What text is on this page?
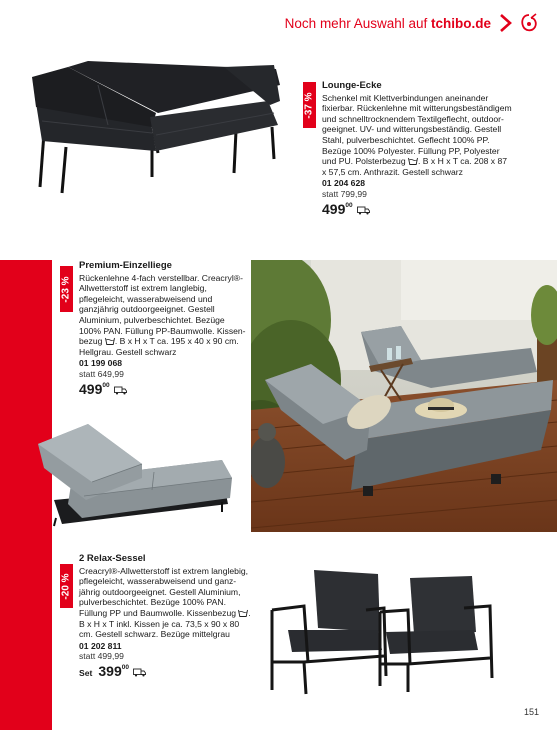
Noch mehr Auswahl auf tchibo.de
-37 %
Lounge-Ecke

Schenkel mit Klettverbindungen aneinander fixierbar. Rückenlehne mit witterungsbeständigem und schnelltrocknendem Textilgeflecht, outdoor-geeignet. UV- und witterungsbeständig. Gestell Stahl, pulverbeschichtet. Geflecht 100% PP. Bezüge 100% Polyester. Füllung PP, Polyester und PU. Polsterbezug . B x H x T ca. 208 x 87 x 57,5 cm. Anthrazit. Gestell schwarz

01 204 628
statt 799,99
499 00
-23 %
Premium-Einzelliege

Rückenlehne 4-fach verstellbar. Creacryl®-Allwetterstoff ist extrem langlebig, pflegeleicht, wasserabweisend und ganzjährig outdoorgeeignet. Gestell Aluminium, pulverbeschichtet. Bezüge 100% PAN. Füllung PP-Baumwolle. Kissen-bezug . B x H x T ca. 195 x 40 x 90 cm. Hellgrau. Gestell schwarz

01 199 068
statt 649,99
499 00
-20 %
2 Relax-Sessel

Creacryl®-Allwetterstoff ist extrem langlebig, pflegeleicht, wasserabweisend und ganz-jährig outdoorgeeignet. Gestell Aluminium, pulverbeschichtet. Bezüge 100% PAN. Füllung PP und Baumwolle. Kissenbezug . B x H x T inkl. Kissen je ca. 73,5 x 90 x 80 cm. Gestell schwarz. Bezüge mittelgrau

01 202 811
statt 499,99
Set 399 00
151
